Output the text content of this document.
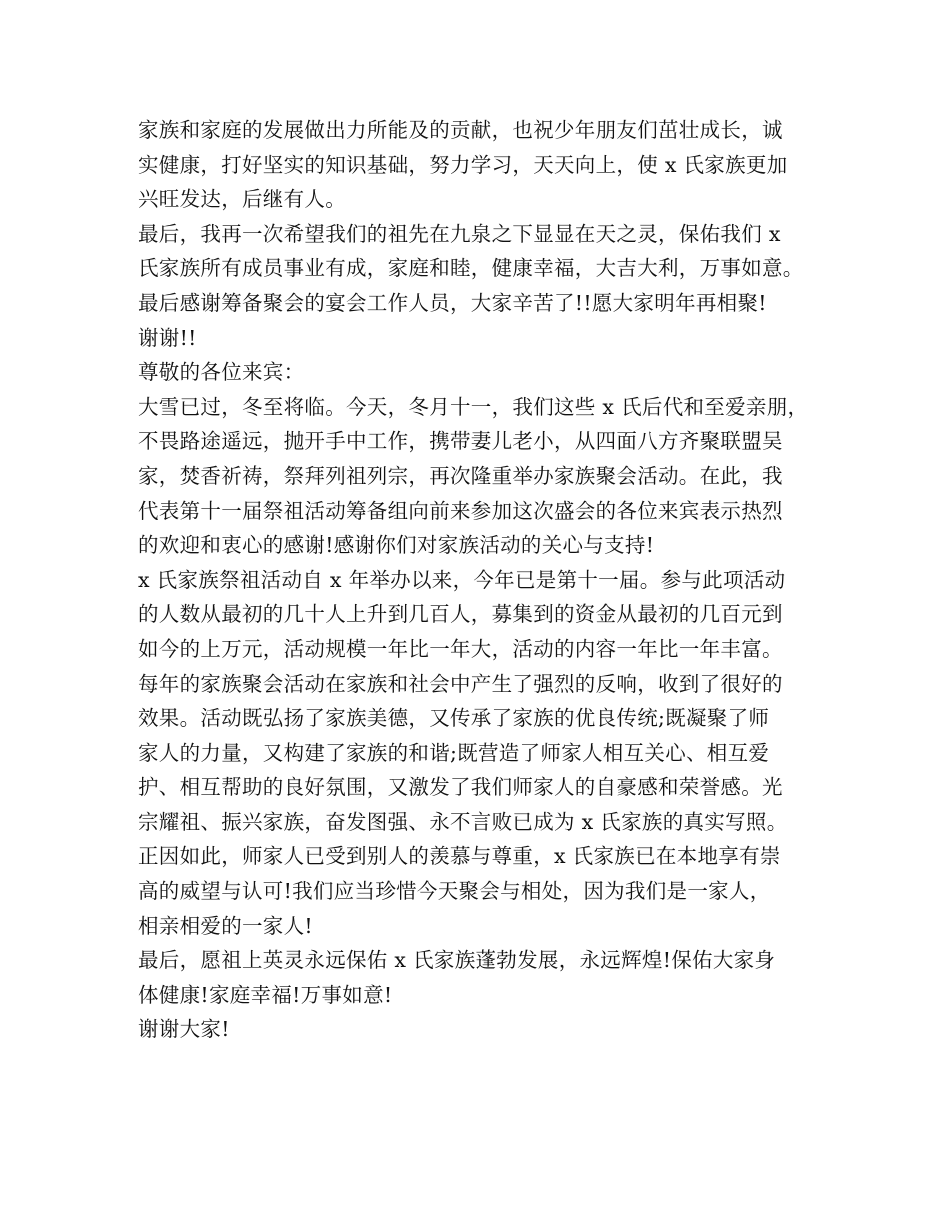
家族和家庭的发展做出力所能及的贡献，也祝少年朋友们茁壮成长，诚
实健康，打好坚实的知识基础，努力学习，天天向上，使 x 氏家族更加
兴旺发达，后继有人。
最后，我再一次希望我们的祖先在九泉之下显显在天之灵，保佑我们 x
氏家族所有成员事业有成，家庭和睦，健康幸福，大吉大利，万事如意。
最后感谢筹备聚会的宴会工作人员，大家辛苦了!!愿大家明年再相聚!
谢谢!!
尊敬的各位来宾：
大雪已过，冬至将临。今天，冬月十一，我们这些 x 氏后代和至爱亲朋，
不畏路途遥远，抛开手中工作，携带妻儿老小，从四面八方齐聚联盟吴
家，焚香祈祷，祭拜列祖列宗，再次隆重举办家族聚会活动。在此，我
代表第十一届祭祖活动筹备组向前来参加这次盛会的各位来宾表示热烈
的欢迎和衷心的感谢!感谢你们对家族活动的关心与支持!
x 氏家族祭祖活动自 x 年举办以来，今年已是第十一届。参与此项活动
的人数从最初的几十人上升到几百人，募集到的资金从最初的几百元到
如今的上万元，活动规模一年比一年大，活动的内容一年比一年丰富。
每年的家族聚会活动在家族和社会中产生了强烈的反响，收到了很好的
效果。活动既弘扬了家族美德，又传承了家族的优良传统;既凝聚了师
家人的力量，又构建了家族的和谐;既营造了师家人相互关心、相互爱
护、相互帮助的良好氛围，又激发了我们师家人的自豪感和荣誉感。光
宗耀祖、振兴家族，奋发图强、永不言败已成为 x 氏家族的真实写照。
正因如此，师家人已受到别人的羡慕与尊重，x 氏家族已在本地享有崇
高的威望与认可!我们应当珍惜今天聚会与相处，因为我们是一家人，
相亲相爱的一家人!
最后，愿祖上英灵永远保佑 x 氏家族蓬勃发展，永远辉煌!保佑大家身
体健康!家庭幸福!万事如意!
谢谢大家!
